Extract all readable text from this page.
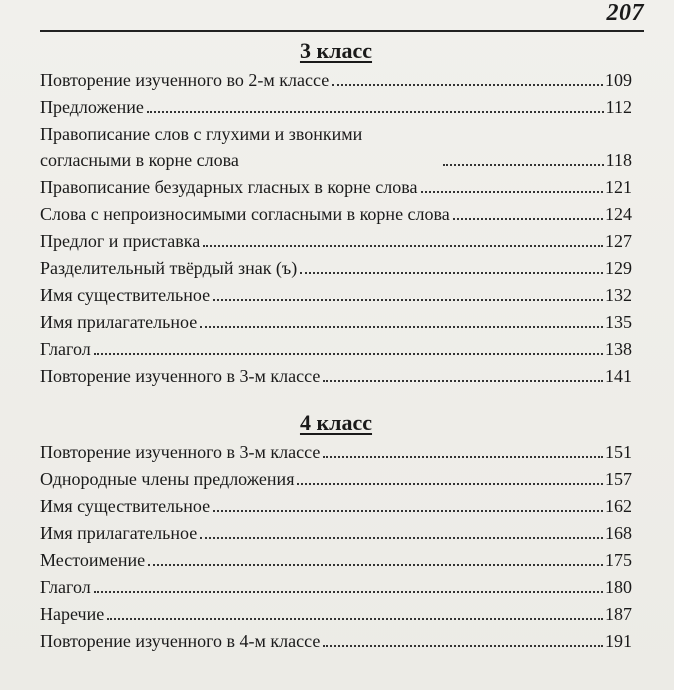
207
3 класс
Повторение изученного во 2-м классе	109
Предложение	112
Правописание слов с глухими и звонкими
согласными в корне слова	118
Правописание безударных гласных в корне слова	121
Слова с непроизносимыми согласными в корне слова	124
Предлог и приставка	127
Разделительный твёрдый знак (ъ)	129
Имя существительное	132
Имя прилагательное	135
Глагол	138
Повторение изученного в 3-м классе	141
4 класс
Повторение изученного в 3-м классе	151
Однородные члены предложения	157
Имя существительное	162
Имя прилагательное	168
Местоимение	175
Глагол	180
Наречие	187
Повторение изученного в 4-м классе	191
